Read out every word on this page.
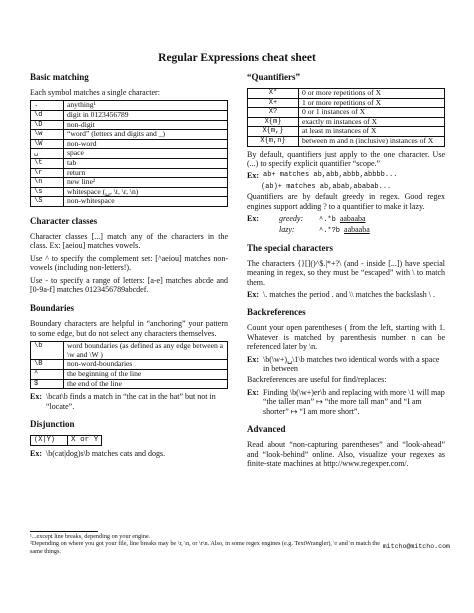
Regular Expressions cheat sheet
Basic matching

Each symbol matches a single character:

.	anything¹
\d	digit in 0123456789
\D	non-digit
\w	“word” (letters and digits and _)
\W	non-word
␣	space
\t	tab
\r	return
\n	new line²
\s	whitespace (␣, \t, \r, \n)
\S	non-whitespace
Character classes

Character classes [...] match any of the characters in the class. Ex: [aeiou] matches vowels.

Use ^ to specify the complement set: [^aeiou] matches non-vowels (including non-letters!).

Use - to specify a range of letters: [a-e] matches abcde and [0-9a-f] matches 0123456789abcdef.

Boundaries

Boundary characters are helpful in “anchoring” your pattern to some edge, but do not select any characters themselves.

\b	word boundaries (as defined as any edge between a \w and \W )
\B	non-word-boundaries
^	the beginning of the line
$	the end of the line
Ex: \bcat\b finds a match in “the cat in the hat” but not in “locate”.
Disjunction
(X|Y)	X or Y
Ex: \b(cat|dog)s\b matches cats and dogs.
“Quantifiers”
X*	0 or more repetitions of X
X+	1 or more repetitions of X
X?	0 or 1 instances of X
X{m}	exactly m instances of X
X{m,}	at least m instances of X
X{m,n}	between m and n (inclusive) instances of X

By default, quantifiers just apply to the one character. Use (...) to specify explicit quantifier “scope.”

Ex: ab+ matches ab,abb,abbb,abbbb...
(ab)+ matches ab,abab,ababab...

Quantifiers are by default greedy in regex. Good regex engines support adding ? to a quantifier to make it lazy.

Ex:	greedy:	^.*b aabaaba
lazy:	^.*?b aabaaba
The special characters

The characters {}[]()^$.|*+?\ (and - inside [...]) have special meaning in regex, so they must be “escaped” with \ to match them.

Ex: \. matches the period . and \\ matches the backslash \ .
Backreferences

Count your open parentheses ( from the left, starting with 1. Whatever is matched by parenthesis number n can be referenced later by \n.

Ex: \b(\w+)␣\1\b matches two identical words with a space in between

Backreferences are useful for find/replaces:

Ex: Finding \b(\w+)er\b and replacing with more \1 will map “the taller man” ↦ “the more tall man” and “I am shorter” ↦ “I am more short”.
Advanced

Read about “non-capturing parentheses” and “look-ahead” and “look-behind” online. Also, visualize your regexes as finite-state machines at http://www.regexper.com/.

¹...except line breaks, depending on your engine.

²Depending on where you got your file, line breaks may be \r, \n, or \r\n. Also, in some regex engines (e.g. TextWrangler), \r and \n match the same things.

mitcho@mitcho.com
